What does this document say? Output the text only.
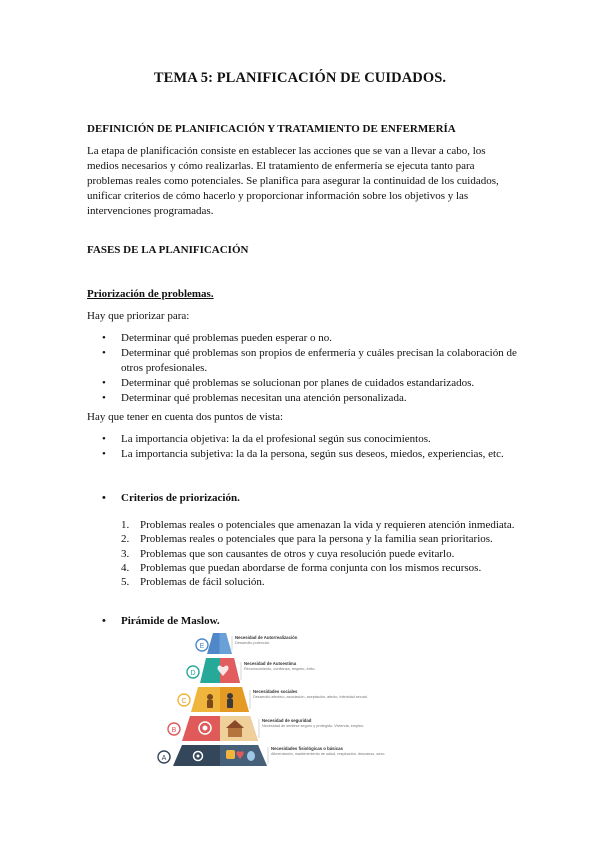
TEMA 5: PLANIFICACIÓN DE CUIDADOS.
DEFINICIÓN DE PLANIFICACIÓN Y TRATAMIENTO DE ENFERMERÍA
La etapa de planificación consiste en establecer las acciones que se van a llevar a cabo, los
medios necesarios y cómo realizarlas. El tratamiento de enfermería se ejecuta tanto para
problemas reales como potenciales. Se planifica para asegurar la continuidad de los cuidados,
unificar criterios de cómo hacerlo y proporcionar información sobre los objetivos y las
intervenciones programadas.
FASES DE LA PLANIFICACIÓN
Priorización de problemas.
Hay que priorizar para:
• Determinar qué problemas pueden esperar o no.
• Determinar qué problemas son propios de enfermería y cuáles precisan la colaboración de otros profesionales.
• Determinar qué problemas se solucionan por planes de cuidados estandarizados.
• Determinar qué problemas necesitan una atención personalizada.
Hay que tener en cuenta dos puntos de vista:
• La importancia objetiva: la da el profesional según sus conocimientos.
• La importancia subjetiva: la da la persona, según sus deseos, miedos, experiencias, etc.
• Criterios de priorización.
1. Problemas reales o potenciales que amenazan la vida y requieren atención inmediata.
2. Problemas reales o potenciales que para la persona y la familia sean prioritarios.
3. Problemas que son causantes de otros y cuya resolución puede evitarlo.
4. Problemas que puedan abordarse de forma conjunta con los mismos recursos.
5. Problemas de fácil solución.
• Pirámide de Maslow.
E
Necesidad de Autorrealización
Desarrollo potencial.
D
Necesidad de Autoestima
Reconocimiento, confianza, respeto, éxito.
C
Necesidades sociales
Desarrollo afectivo, asociación, aceptación, afecto, intimidad sexual.
B
Necesidad de seguridad
Necesidad de sentirse seguro y protegido. Vivienda, empleo.
A
Necesidades fisiológicas o básicas
Alimentación, mantenimiento de salud, respiración, descanso, sexo.
